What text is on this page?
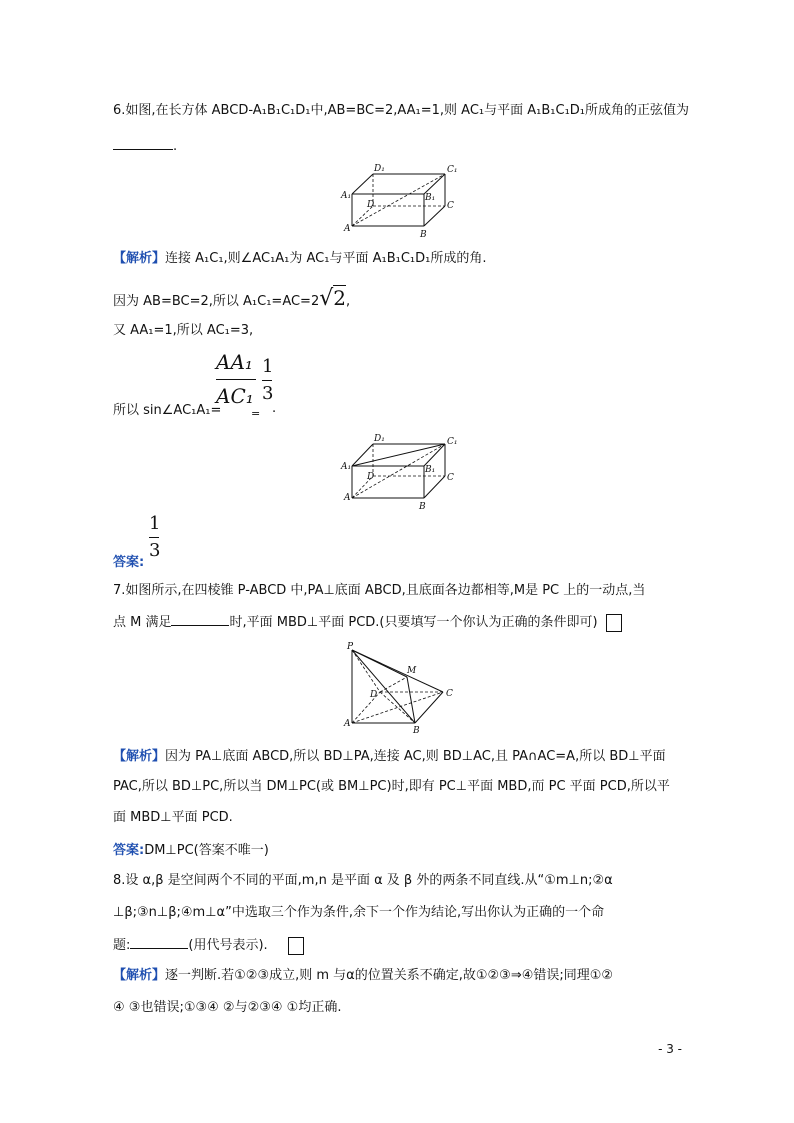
6.如图,在长方体 ABCD-A₁B₁C₁D₁中,AB=BC=2,AA₁=1,则 AC₁与平面 A₁B₁C₁D₁所成角的正弦值为
.
D₁	C₁
A₁	B₁
D	C
A
B
【解析】连接 A₁C₁,则∠AC₁A₁为 AC₁与平面 A₁B₁C₁D₁所成的角.
因为 AB=BC=2,所以 A₁C₁=AC=2√2,
又 AA₁=1,所以 AC₁=3,
AA₁
AC₁
1
3
所以 sin∠AC₁A₁=	= .
D₁	C₁
A₁	B₁
D	C
A
B
1
3
答案:
7.如图所示,在四棱锥 P-ABCD 中,PA⊥底面 ABCD,且底面各边都相等,M是 PC 上的一动点,当
点 M 满足	时,平面 MBD⊥平面 PCD.(只要填写一个你认为正确的条件即可)
P
M
D	C
A
B
【解析】因为 PA⊥底面 ABCD,所以 BD⊥PA,连接 AC,则 BD⊥AC,且 PA∩AC=A,所以 BD⊥平面
PAC,所以 BD⊥PC,所以当 DM⊥PC(或 BM⊥PC)时,即有 PC⊥平面 MBD,而 PC 平面 PCD,所以平
面 MBD⊥平面 PCD.
答案:DM⊥PC(答案不唯一)
8.设 α,β 是空间两个不同的平面,m,n 是平面 α 及 β 外的两条不同直线.从“①m⊥n;②α
⊥β;③n⊥β;④m⊥α”中选取三个作为条件,余下一个作为结论,写出你认为正确的一个命
题:	(用代号表示).
【解析】逐一判断.若①②③成立,则 m 与α的位置关系不确定,故①②③⇒④错误;同理①②
④ ③也错误;①③④ ②与②③④ ①均正确.
- 3 -
